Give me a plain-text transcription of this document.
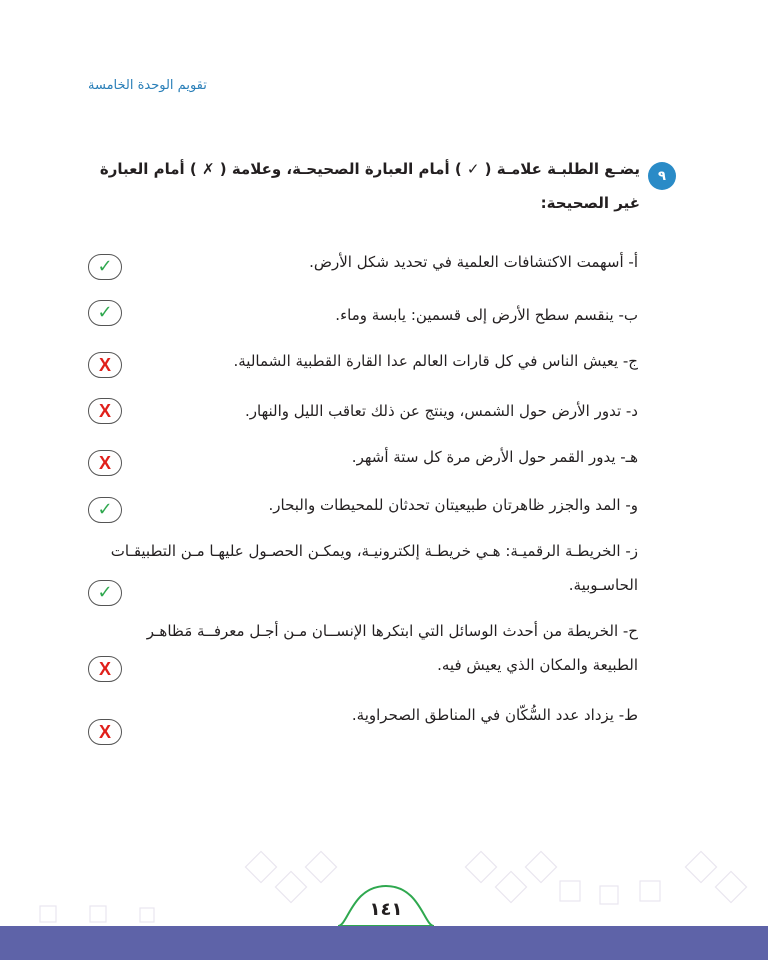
تقويم الوحدة الخامسة
٩
يضـع الطلبـة علامـة ( ✓ ) أمام العبارة الصحيحـة، وعلامة ( ✗ ) أمام العبارة غير الصحيحة:
أ- أسهمت الاكتشافات العلمية في تحديد شكل الأرض.
✓
ب- ينقسم سطح الأرض إلى قسمين: يابسة وماء.
✓
ج- يعيش الناس في كل قارات العالم عدا القارة القطبية الشمالية.
X
د- تدور الأرض حول الشمس، وينتج عن ذلك تعاقب الليل والنهار.
X
هـ- يدور القمر حول الأرض مرة كل ستة أشهر.
X
و- المد والجزر ظاهرتان طبيعيتان تحدثان للمحيطات والبحار.
✓
ز- الخريطـة الرقميـة: هـي خريطـة إلكترونيـة، ويمكـن الحصـول عليهـا مـن التطبيقـات الحاسـوبية.
✓
ح- الخريطة من أحدث الوسائل التي ابتكرها الإنســان مـن أجـل معرفــة مَظاهـر الطبيعة والمكان الذي يعيش فيه.
X
ط- يزداد عدد السُّكّان في المناطق الصحراوية.
X
١٤١
